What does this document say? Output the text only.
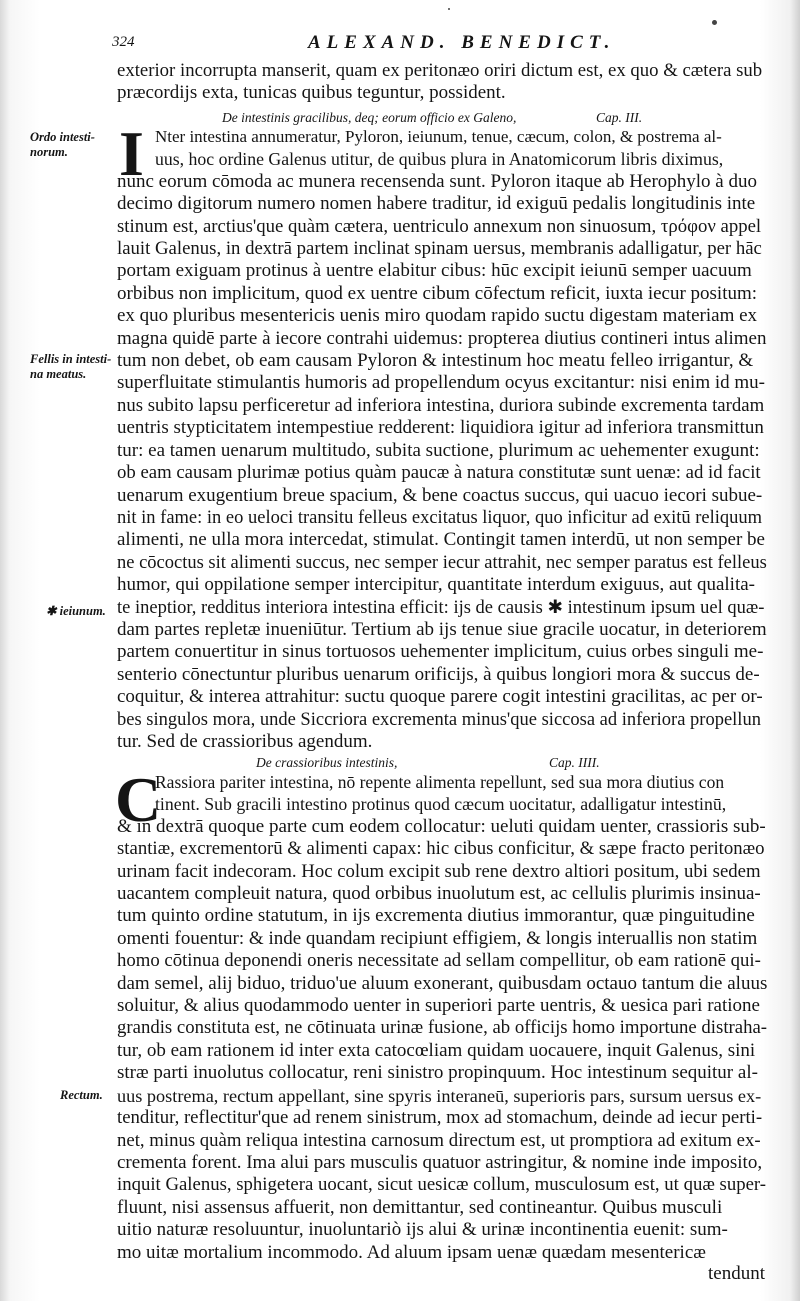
324	ALEXAND. BENEDICT.
exterior incorrupta manserit, quam ex peritonæo oriri dictum est, ex quo & cætera sub
præcordijs exta, tunicas quibus teguntur, possident.
De intestinis gracilibus, deq; eorum officio ex Galeno,	Cap. III.
I Nter intestina annumeratur, Pyloron, ieiunum, tenue, cæcum, colon, & postrema al-
uus, hoc ordine Galenus utitur, de quibus plura in Anatomicorum libris diximus,
nunc eorum cōmoda ac munera recensenda sunt. Pyloron itaque ab Herophylo à duo
decimo digitorum numero nomen habere traditur, id exiguū pedalis longitudinis inte
stinum est, arctius'que quàm cætera, uentriculo annexum non sinuosum, τρόφον appel
lauit Galenus, in dextrā partem inclinat spinam uersus, membranis adalligatur, per hāc
portam exiguam protinus à uentre elabitur cibus: hūc excipit ieiunū semper uacuum
orbibus non implicitum, quod ex uentre cibum cōfectum reficit, iuxta iecur positum:
ex quo pluribus mesentericis uenis miro quodam rapido suctu digestam materiam ex
magna quidē parte à iecore contrahi uidemus: propterea diutius contineri intus alimen
tum non debet, ob eam causam Pyloron & intestinum hoc meatu felleo irrigantur, &
superfluitate stimulantis humoris ad propellendum ocyus excitantur: nisi enim id mu-
nus subito lapsu perficeretur ad inferiora intestina, duriora subinde excrementa tardam
uentris stypticitatem intempestiue redderent: liquidiora igitur ad inferiora transmittun
tur: ea tamen uenarum multitudo, subita suctione, plurimum ac uehementer exugunt:
ob eam causam plurimæ potius quàm paucæ à natura constitutæ sunt uenæ: ad id facit
uenarum exugentium breue spacium, & bene coactus succus, qui uacuo iecori subue-
nit in fame: in eo ueloci transitu felleus excitatus liquor, quo inficitur ad exitū reliquum
alimenti, ne ulla mora intercedat, stimulat. Contingit tamen interdū, ut non semper be
ne cōcoctus sit alimenti succus, nec semper iecur attrahit, nec semper paratus est felleus
humor, qui oppilatione semper intercipitur, quantitate interdum exiguus, aut qualita-
te ineptior, redditus interiora intestina efficit: ijs de causis ✱ intestinum ipsum uel quæ-
dam partes repletæ inueniūtur. Tertium ab ijs tenue siue gracile uocatur, in deteriorem
partem conuertitur in sinus tortuosos uehementer implicitum, cuius orbes singuli me-
senterio cōnectuntur pluribus uenarum orificijs, à quibus longiori mora & succus de-
coquitur, & interea attrahitur: suctu quoque parere cogit intestini gracilitas, ac per or-
bes singulos mora, unde Siccriora excrementa minus'que siccosa ad inferiora propellun
tur. Sed de crassioribus agendum.
De crassioribus intestinis,	Cap. IIII.
C
Rassiora pariter intestina, nō repente alimenta repellunt, sed sua mora diutius con
tinent. Sub gracili intestino protinus quod cæcum uocitatur, adalligatur intestinū,
& in dextrā quoque parte cum eodem collocatur: ueluti quidam uenter, crassioris sub-
stantiæ, excrementorū & alimenti capax: hic cibus conficitur, & sæpe fracto peritonæo
urinam facit indecoram. Hoc colum excipit sub rene dextro altiori positum, ubi sedem
uacantem compleuit natura, quod orbibus inuolutum est, ac cellulis plurimis insinua-
tum quinto ordine statutum, in ijs excrementa diutius immorantur, quæ pinguitudine
omenti fouentur: & inde quandam recipiunt effigiem, & longis interuallis non statim
homo cōtinua deponendi oneris necessitate ad sellam compellitur, ob eam rationē qui-
dam semel, alij biduo, triduo'ue aluum exonerant, quibusdam octauo tantum die aluus
soluitur, & alius quodammodo uenter in superiori parte uentris, & uesica pari ratione
grandis constituta est, ne cōtinuata urinæ fusione, ab officijs homo importune distraha-
tur, ob eam rationem id inter exta catocœliam quidam uocauere, inquit Galenus, sini
stræ parti inuolutus collocatur, reni sinistro propinquum. Hoc intestinum sequitur al-
uus postrema, rectum appellant, sine spyris interaneū, superioris pars, sursum uersus ex-
tenditur, reflectitur'que ad renem sinistrum, mox ad stomachum, deinde ad iecur perti-
net, minus quàm reliqua intestina carnosum directum est, ut promptiora ad exitum ex-
crementa forent. Ima alui pars musculis quatuor astringitur, & nomine inde imposito,
inquit Galenus, sphigetera uocant, sicut uesicæ collum, musculosum est, ut quæ super-
fluunt, nisi assensus affuerit, non demittantur, sed contineantur. Quibus musculi
uitio naturæ resoluuntur, inuoluntariò ijs alui & urinæ incontinentia euenit: sum-
mo uitæ mortalium incommodo. Ad aluum ipsam uenæ quædam mesentericæ
tendunt
Ordo intesti-
norum.
Fellis in intesti-
na meatus.
✱ ieiunum.
Rectum.
